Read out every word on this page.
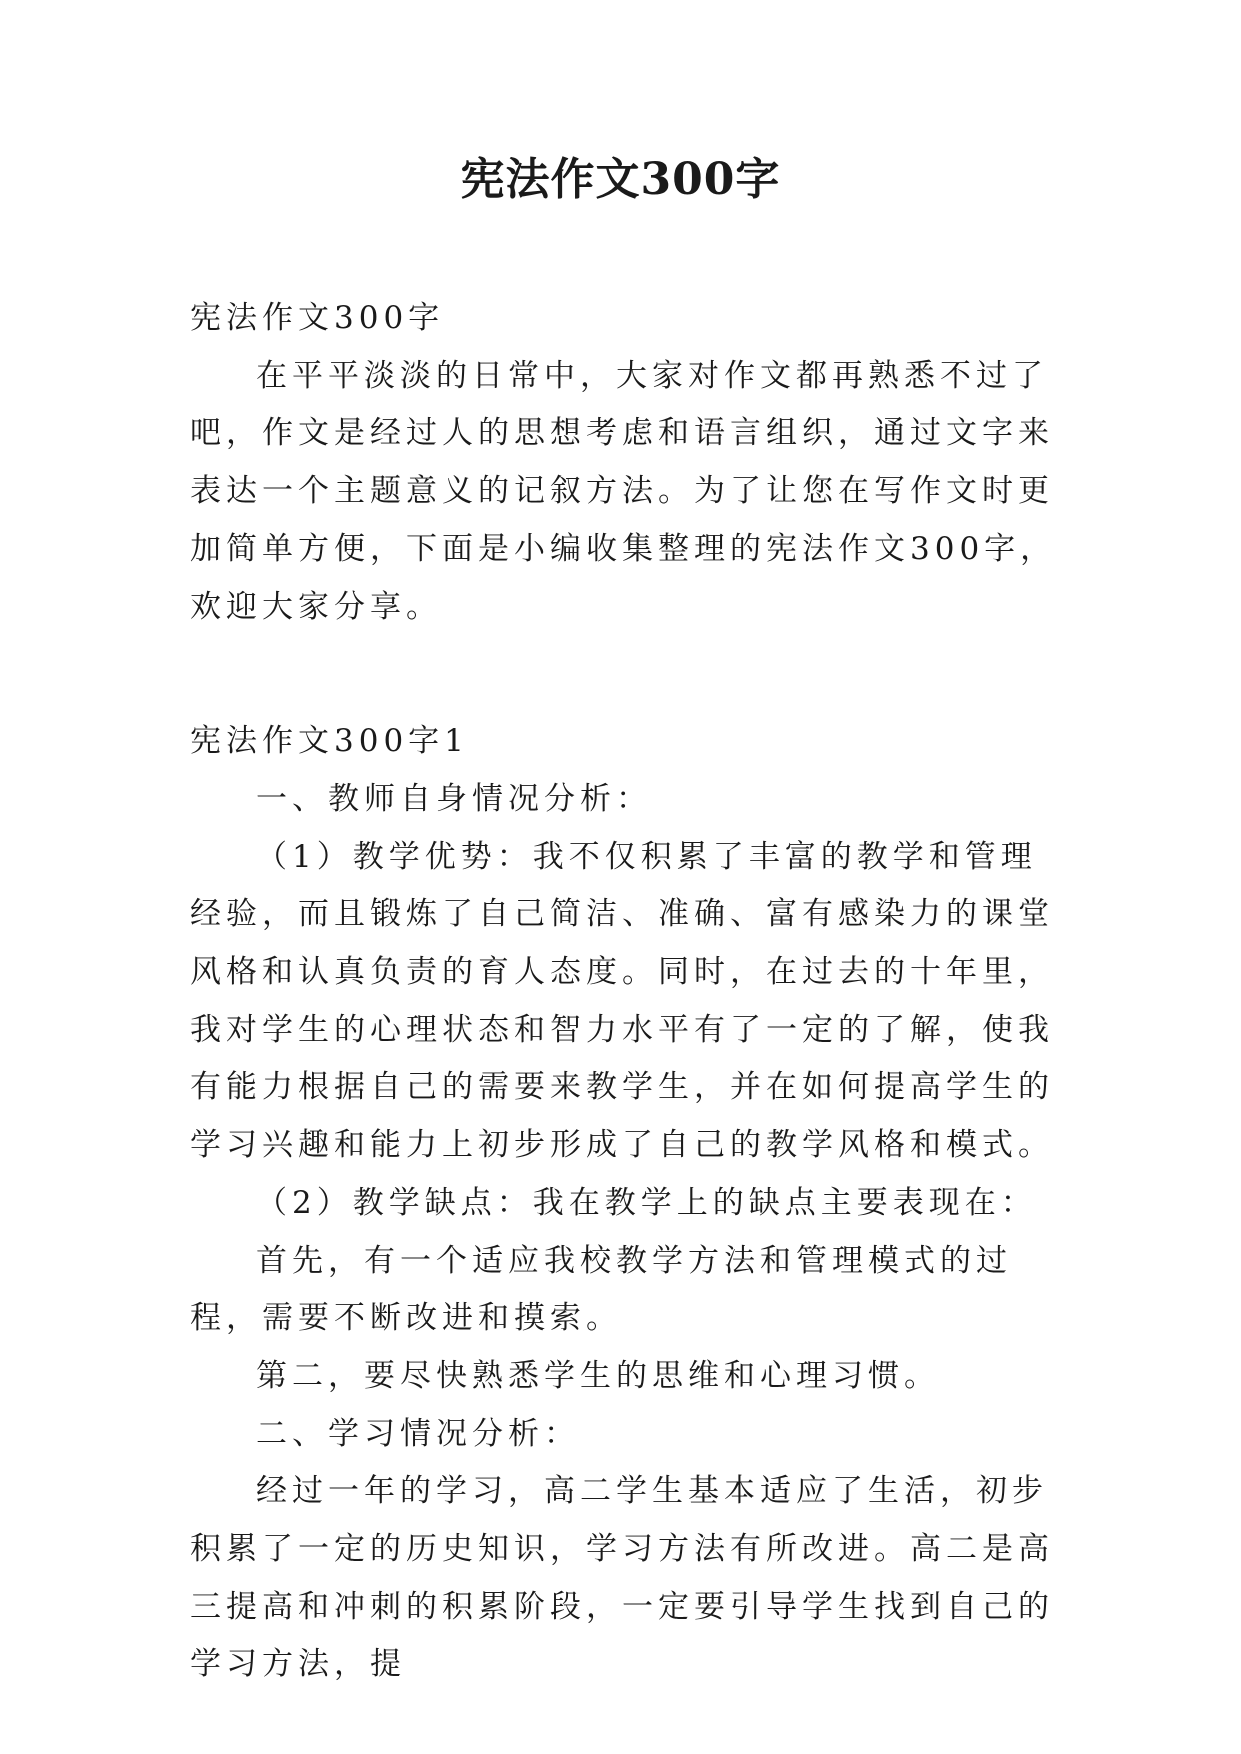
宪法作文300字

宪法作文300字

在平平淡淡的日常中，大家对作文都再熟悉不过了吧，作文是经过人的思想考虑和语言组织，通过文字来表达一个主题意义的记叙方法。为了让您在写作文时更加简单方便，下面是小编收集整理的宪法作文300字，欢迎大家分享。

宪法作文300字1

一、教师自身情况分析：

（1）教学优势：我不仅积累了丰富的教学和管理经验，而且锻炼了自己简洁、准确、富有感染力的课堂风格和认真负责的育人态度。同时，在过去的十年里，我对学生的心理状态和智力水平有了一定的了解，使我有能力根据自己的需要来教学生，并在如何提高学生的学习兴趣和能力上初步形成了自己的教学风格和模式。

（2）教学缺点：我在教学上的缺点主要表现在：

首先，有一个适应我校教学方法和管理模式的过程，需要不断改进和摸索。

第二，要尽快熟悉学生的思维和心理习惯。

二、学习情况分析：

经过一年的学习，高二学生基本适应了生活，初步积累了一定的历史知识，学习方法有所改进。高二是高三提高和冲刺的积累阶段，一定要引导学生找到自己的学习方法，提
